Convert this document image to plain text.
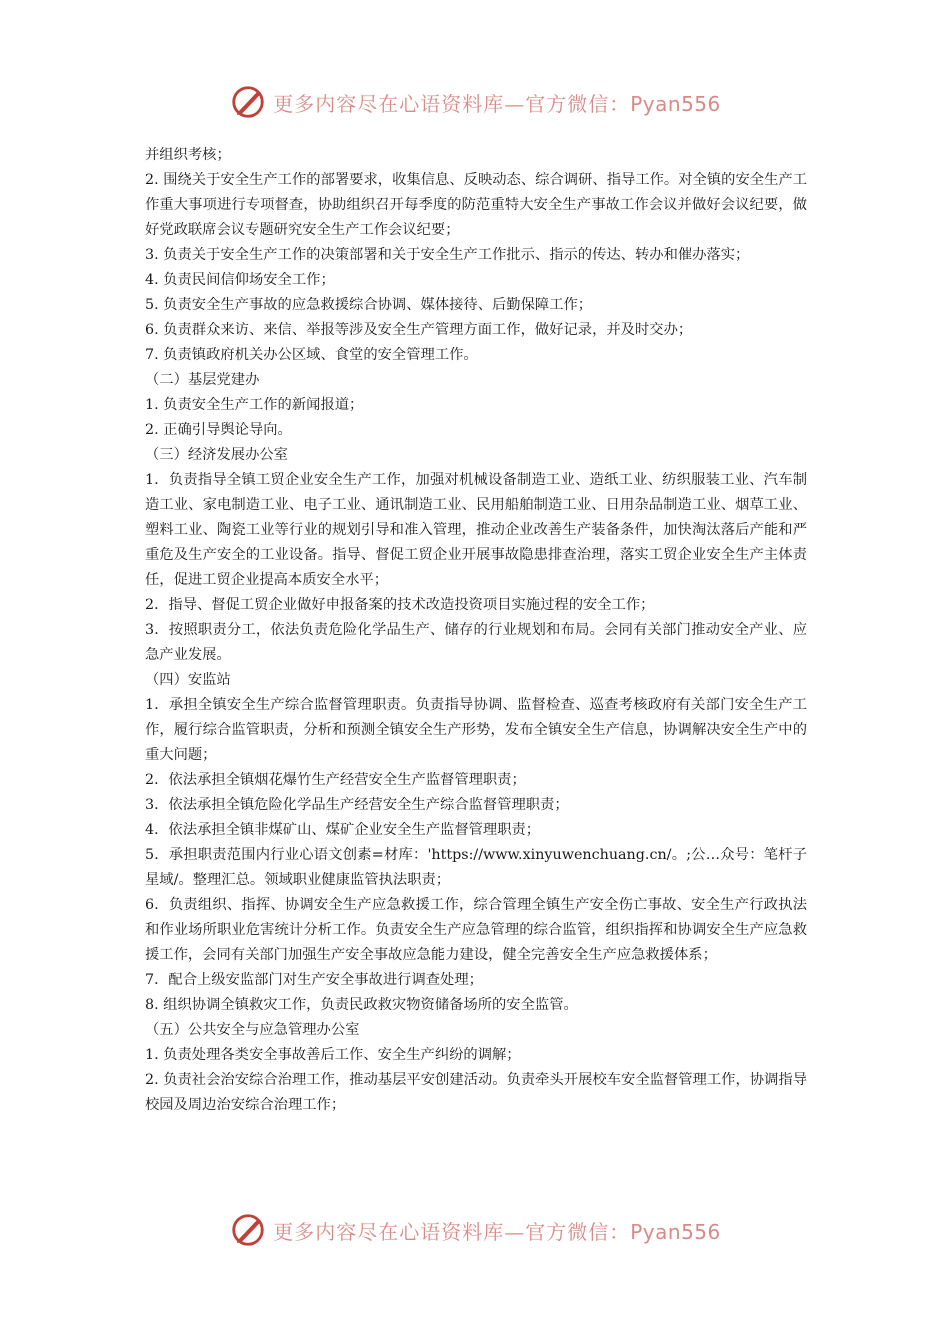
更多内容尽在心语资料库—官方微信：Pyan556

并组织考核；

2. 围绕关于安全生产工作的部署要求，收集信息、反映动态、综合调研、指导工作。对全镇的安全生产工作重大事项进行专项督查，协助组织召开每季度的防范重特大安全生产事故工作会议并做好会议纪要，做好党政联席会议专题研究安全生产工作会议纪要；

3. 负责关于安全生产工作的决策部署和关于安全生产工作批示、指示的传达、转办和催办落实；

4. 负责民间信仰场安全工作；

5. 负责安全生产事故的应急救援综合协调、媒体接待、后勤保障工作；

6. 负责群众来访、来信、举报等涉及安全生产管理方面工作，做好记录，并及时交办；

7. 负责镇政府机关办公区域、食堂的安全管理工作。

（二）基层党建办

1. 负责安全生产工作的新闻报道；

2. 正确引导舆论导向。

（三）经济发展办公室

1．负责指导全镇工贸企业安全生产工作，加强对机械设备制造工业、造纸工业、纺织服装工业、汽车制造工业、家电制造工业、电子工业、通讯制造工业、民用船舶制造工业、日用杂品制造工业、烟草工业、塑料工业、陶瓷工业等行业的规划引导和准入管理，推动企业改善生产装备条件，加快淘汰落后产能和严重危及生产安全的工业设备。指导、督促工贸企业开展事故隐患排查治理，落实工贸企业安全生产主体责任，促进工贸企业提高本质安全水平；

2．指导、督促工贸企业做好申报备案的技术改造投资项目实施过程的安全工作；

3．按照职责分工，依法负责危险化学品生产、储存的行业规划和布局。会同有关部门推动安全产业、应急产业发展。

（四）安监站

1．承担全镇安全生产综合监督管理职责。负责指导协调、监督检查、巡查考核政府有关部门安全生产工作，履行综合监管职责，分析和预测全镇安全生产形势，发布全镇安全生产信息，协调解决安全生产中的重大问题；

2．依法承担全镇烟花爆竹生产经营安全生产监督管理职责；

3．依法承担全镇危险化学品生产经营安全生产综合监督管理职责；

4．依法承担全镇非煤矿山、煤矿企业安全生产监督管理职责；

5．承担职责范围内行业心语文创素=材库：'https://www.xinyuwenchuang.cn/。;公…众号：笔杆子星域/。整理汇总。领域职业健康监管执法职责；

6．负责组织、指挥、协调安全生产应急救援工作，综合管理全镇生产安全伤亡事故、安全生产行政执法和作业场所职业危害统计分析工作。负责安全生产应急管理的综合监管，组织指挥和协调安全生产应急救援工作，会同有关部门加强生产安全事故应急能力建设，健全完善安全生产应急救援体系；

7．配合上级安监部门对生产安全事故进行调查处理；

8. 组织协调全镇救灾工作，负责民政救灾物资储备场所的安全监管。

（五）公共安全与应急管理办公室

1. 负责处理各类安全事故善后工作、安全生产纠纷的调解；

2. 负责社会治安综合治理工作，推动基层平安创建活动。负责牵头开展校车安全监督管理工作，协调指导校园及周边治安综合治理工作；

更多内容尽在心语资料库—官方微信：Pyan556
